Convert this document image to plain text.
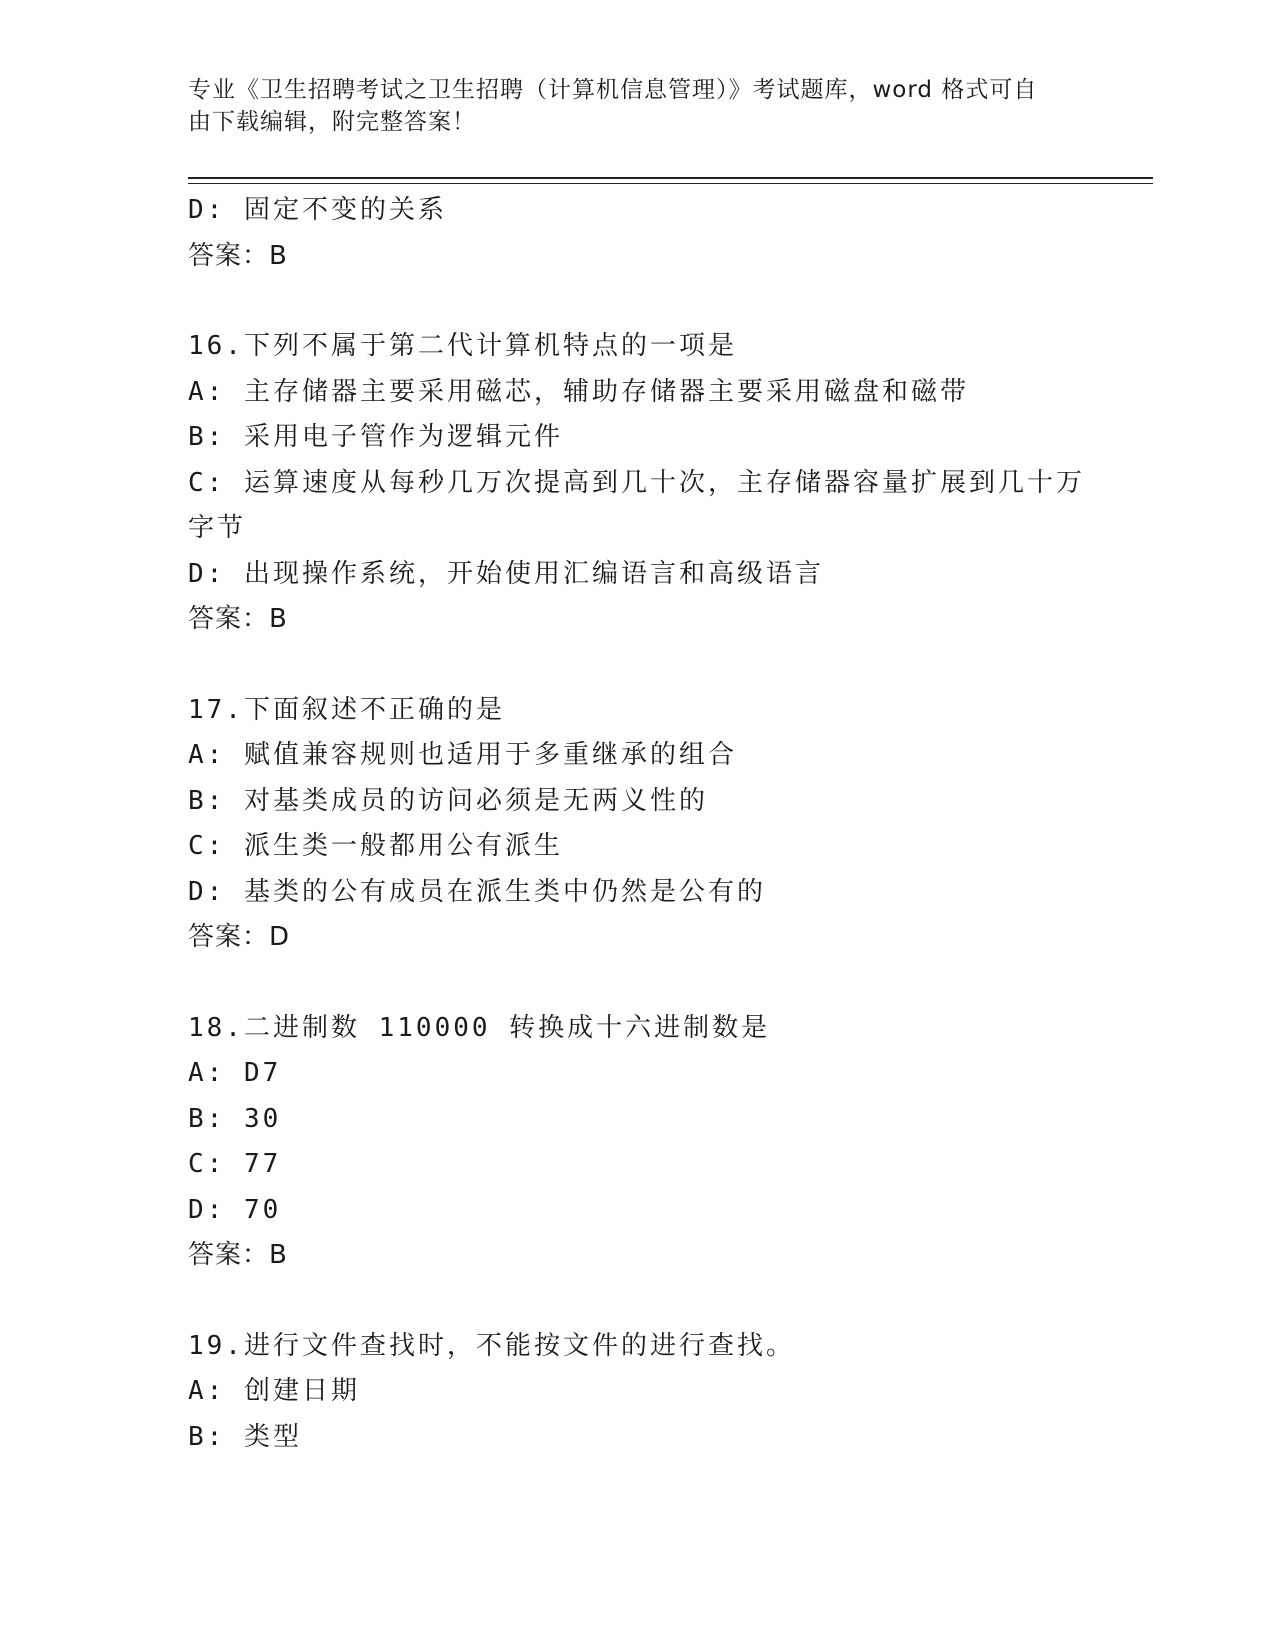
专业《卫生招聘考试之卫生招聘（计算机信息管理）》考试题库，word 格式可自
由下载编辑，附完整答案！
D: 固定不变的关系
答案：B
16.下列不属于第二代计算机特点的一项是
A: 主存储器主要采用磁芯，辅助存储器主要采用磁盘和磁带
B: 采用电子管作为逻辑元件
C: 运算速度从每秒几万次提高到几十次，主存储器容量扩展到几十万
字节
D: 出现操作系统，开始使用汇编语言和高级语言
答案：B
17.下面叙述不正确的是
A: 赋值兼容规则也适用于多重继承的组合
B: 对基类成员的访问必须是无两义性的
C: 派生类一般都用公有派生
D: 基类的公有成员在派生类中仍然是公有的
答案：D
18.二进制数 110000 转换成十六进制数是
A: D7
B: 30
C: 77
D: 70
答案：B
19.进行文件查找时，不能按文件的进行查找。
A: 创建日期
B: 类型
